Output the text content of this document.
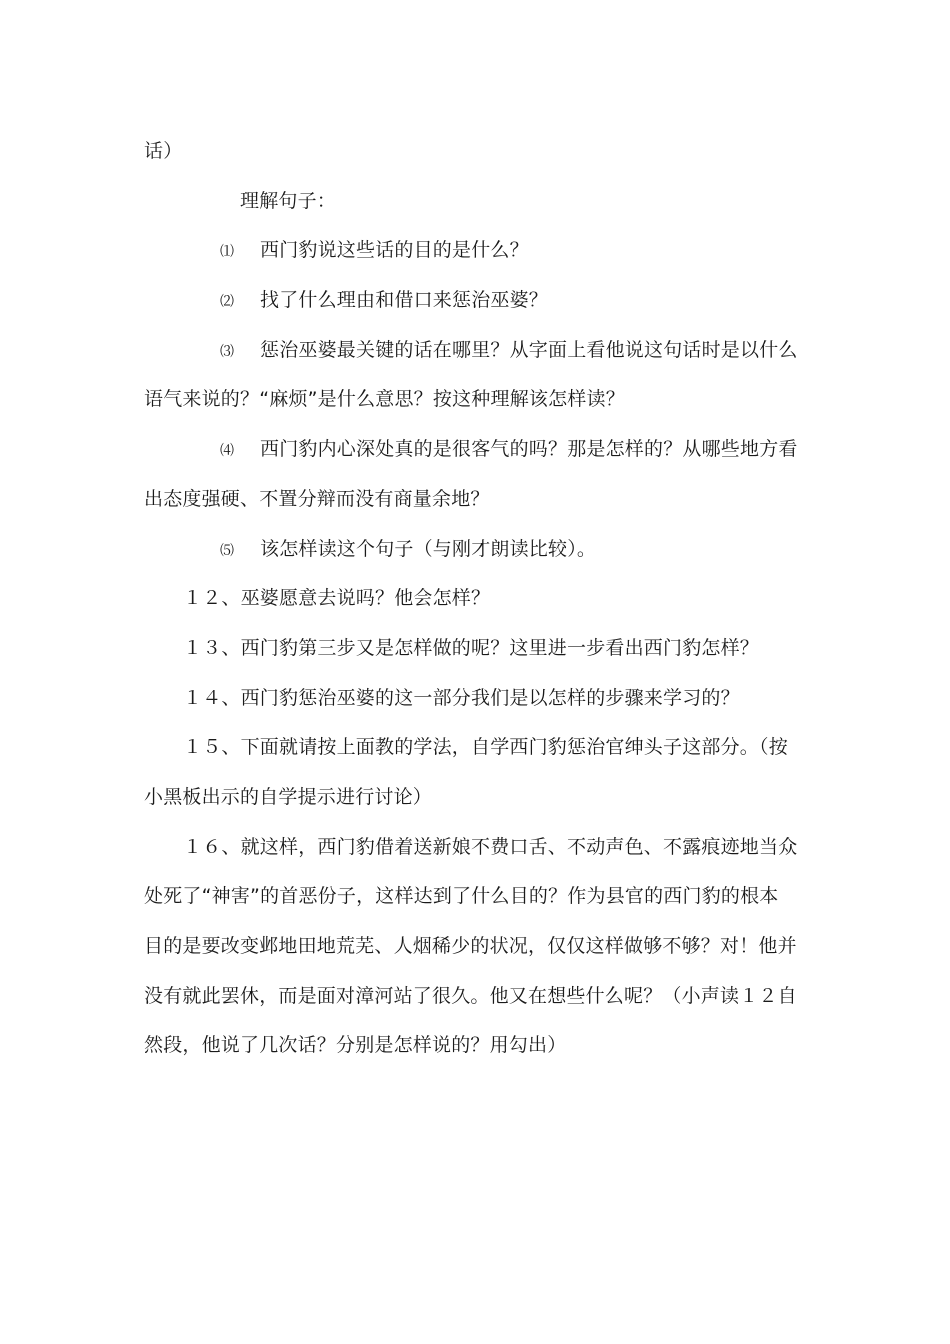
话）
理解句子：
⑴ 西门豹说这些话的目的是什么？
⑵ 找了什么理由和借口来惩治巫婆？
⑶ 惩治巫婆最关键的话在哪里？从字面上看他说这句话时是以什么
语气来说的？“麻烦”是什么意思？按这种理解该怎样读？
⑷ 西门豹内心深处真的是很客气的吗？那是怎样的？从哪些地方看
出态度强硬、不置分辩而没有商量余地？
⑸ 该怎样读这个句子（与刚才朗读比较）。
１２、巫婆愿意去说吗？他会怎样？
１３、西门豹第三步又是怎样做的呢？这里进一步看出西门豹怎样？
１４、西门豹惩治巫婆的这一部分我们是以怎样的步骤来学习的？
１５、下面就请按上面教的学法，自学西门豹惩治官绅头子这部分。（按
小黑板出示的自学提示进行讨论）
１６、就这样，西门豹借着送新娘不费口舌、不动声色、不露痕迹地当众
处死了“神害”的首恶份子，这样达到了什么目的？作为县官的西门豹的根本
目的是要改变邺地田地荒芜、人烟稀少的状况，仅仅这样做够不够？对！他并
没有就此罢休，而是面对漳河站了很久。他又在想些什么呢？（小声读１２自
然段，他说了几次话？分别是怎样说的？用勾出）
